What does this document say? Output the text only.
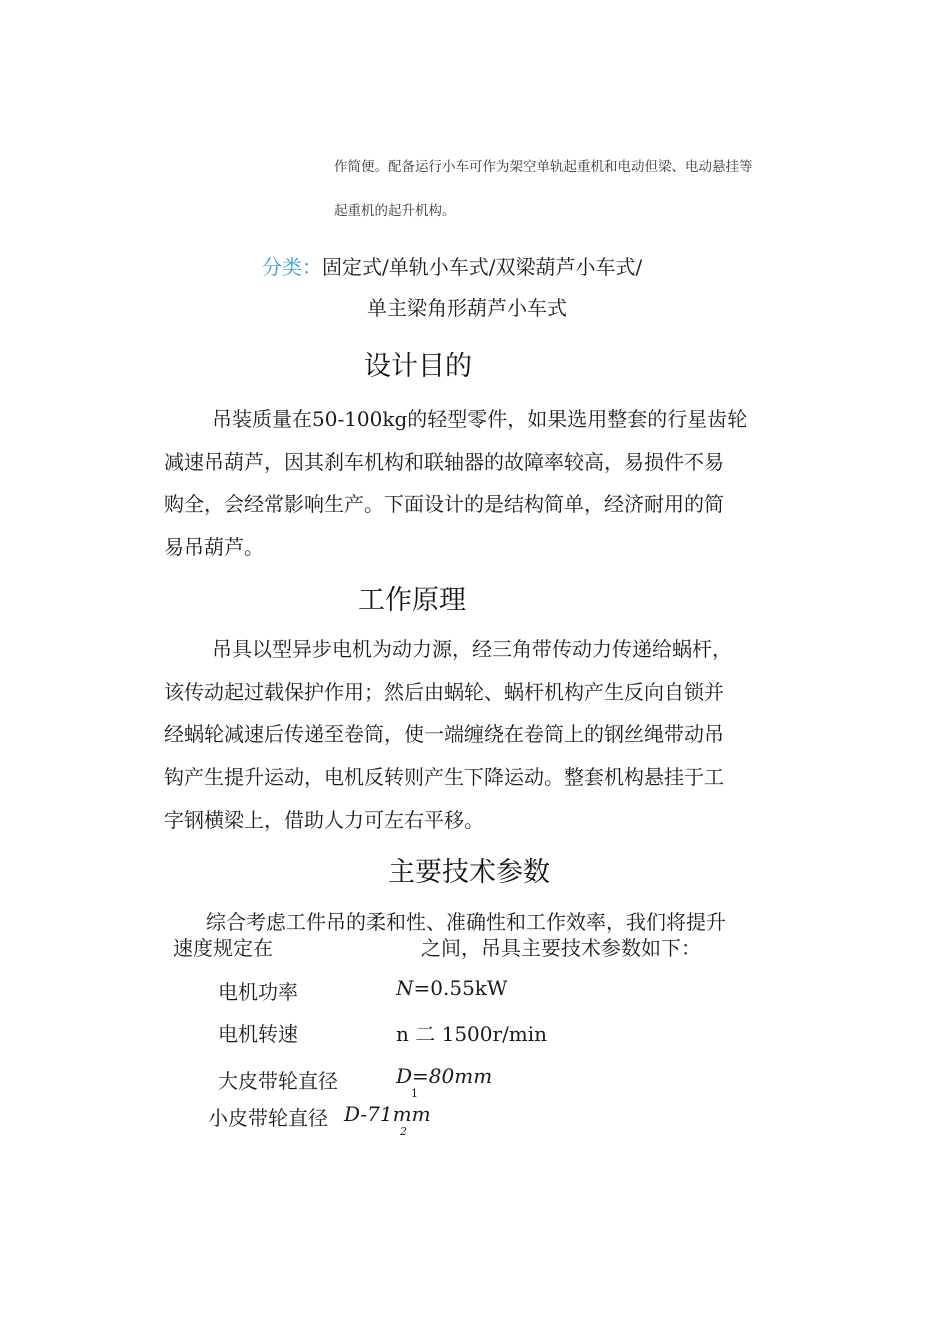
作简便。配备运行小车可作为架空单轨起重机和电动但梁、电动悬挂等
起重机的起升机构。
分类：固定式/单轨小车式/双梁葫芦小车式/
单主梁角形葫芦小车式
设计目的
吊装质量在50-100kg的轻型零件，如果选用整套的行星齿轮
减速吊葫芦，因其刹车机构和联轴器的故障率较高，易损件不易
购全，会经常影响生产。下面设计的是结构简单，经济耐用的简
易吊葫芦。
工作原理
吊具以型异步电机为动力源，经三角带传动力传递给蜗杆，
该传动起过载保护作用；然后由蜗轮、蜗杆机构产生反向自锁并
经蜗轮减速后传递至卷筒，使一端缠绕在卷筒上的钢丝绳带动吊
钩产生提升运动，电机反转则产生下降运动。整套机构悬挂于工
字钢横梁上，借助人力可左右平移。
主要技术参数
综合考虑工件吊的柔和性、准确性和工作效率，我们将提升
速度规定在	之间，吊具主要技术参数如下：
电机功率	N=0.55kW
电机转速	n 二 1500r/min
大皮带轮直径	D=80mm
1
小皮带轮直径 D-71mm
2
